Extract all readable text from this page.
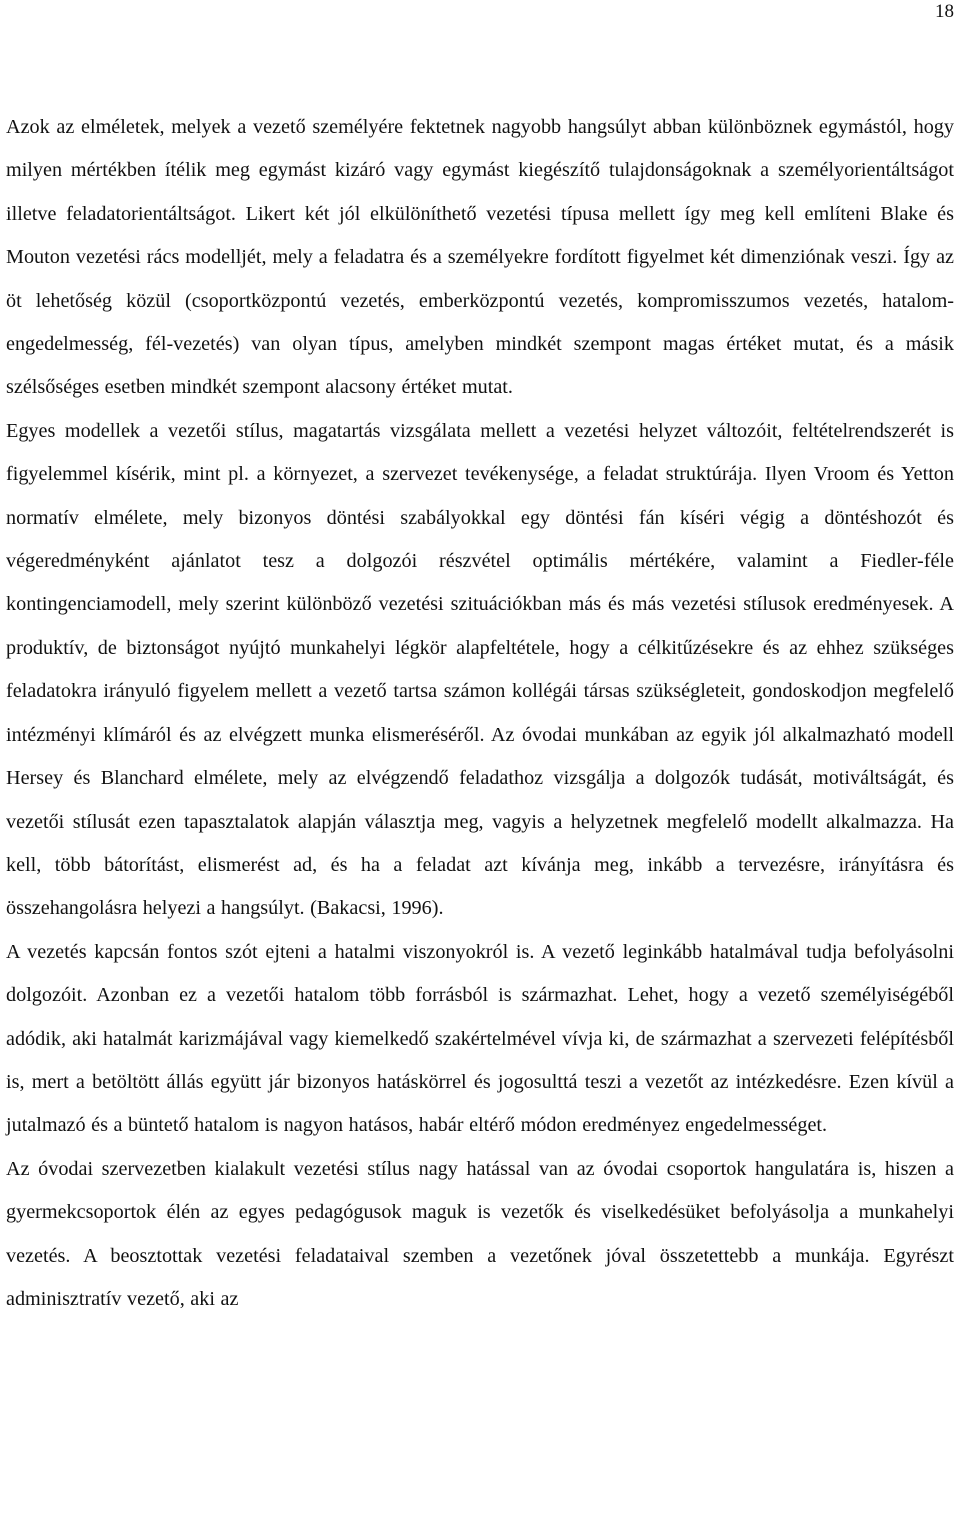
18

Azok az elméletek, melyek a vezető személyére fektetnek nagyobb hangsúlyt abban különböznek egymástól, hogy milyen mértékben ítélik meg egymást kizáró vagy egymást kiegészítő tulajdonságoknak a személyorientáltságot illetve feladatorientáltságot. Likert két jól elkülöníthető vezetési típusa mellett így meg kell említeni Blake és Mouton vezetési rács modelljét, mely a feladatra és a személyekre fordított figyelmet két dimenziónak veszi. Így az öt lehetőség közül (csoportközpontú vezetés, emberközpontú vezetés, kompromisszumos vezetés, hatalom-engedelmesség, fél-vezetés) van olyan típus, amelyben mindkét szempont magas értéket mutat, és a másik szélsőséges esetben mindkét szempont alacsony értéket mutat.

Egyes modellek a vezetői stílus, magatartás vizsgálata mellett a vezetési helyzet változóit, feltételrendszerét is figyelemmel kísérik, mint pl. a környezet, a szervezet tevékenysége, a feladat struktúrája. Ilyen Vroom és Yetton normatív elmélete, mely bizonyos döntési szabályokkal egy döntési fán kíséri végig a döntéshozót és végeredményként ajánlatot tesz a dolgozói részvétel optimális mértékére, valamint a Fiedler-féle kontingenciamodell, mely szerint különböző vezetési szituációkban más és más vezetési stílusok eredményesek. A produktív, de biztonságot nyújtó munkahelyi légkör alapfeltétele, hogy a célkitűzésekre és az ehhez szükséges feladatokra irányuló figyelem mellett a vezető tartsa számon kollégái társas szükségleteit, gondoskodjon megfelelő intézményi klímáról és az elvégzett munka elismeréséről. Az óvodai munkában az egyik jól alkalmazható modell Hersey és Blanchard elmélete, mely az elvégzendő feladathoz vizsgálja a dolgozók tudását, motiváltságát, és vezetői stílusát ezen tapasztalatok alapján választja meg, vagyis a helyzetnek megfelelő modellt alkalmazza. Ha kell, több bátorítást, elismerést ad, és ha a feladat azt kívánja meg, inkább a tervezésre, irányításra és összehangolásra helyezi a hangsúlyt. (Bakacsi, 1996).

A vezetés kapcsán fontos szót ejteni a hatalmi viszonyokról is. A vezető leginkább hatalmával tudja befolyásolni dolgozóit. Azonban ez a vezetői hatalom több forrásból is származhat. Lehet, hogy a vezető személyiségéből adódik, aki hatalmát karizmájával vagy kiemelkedő szakértelmével vívja ki, de származhat a szervezeti felépítésből is, mert a betöltött állás együtt jár bizonyos hatáskörrel és jogosulttá teszi a vezetőt az intézkedésre. Ezen kívül a jutalmazó és a büntető hatalom is nagyon hatásos, habár eltérő módon eredményez engedelmességet.

Az óvodai szervezetben kialakult vezetési stílus nagy hatással van az óvodai csoportok hangulatára is, hiszen a gyermekcsoportok élén az egyes pedagógusok maguk is vezetők és viselkedésüket befolyásolja a munkahelyi vezetés. A beosztottak vezetési feladataival szemben a vezetőnek jóval összetettebb a munkája. Egyrészt adminisztratív vezető, aki az
